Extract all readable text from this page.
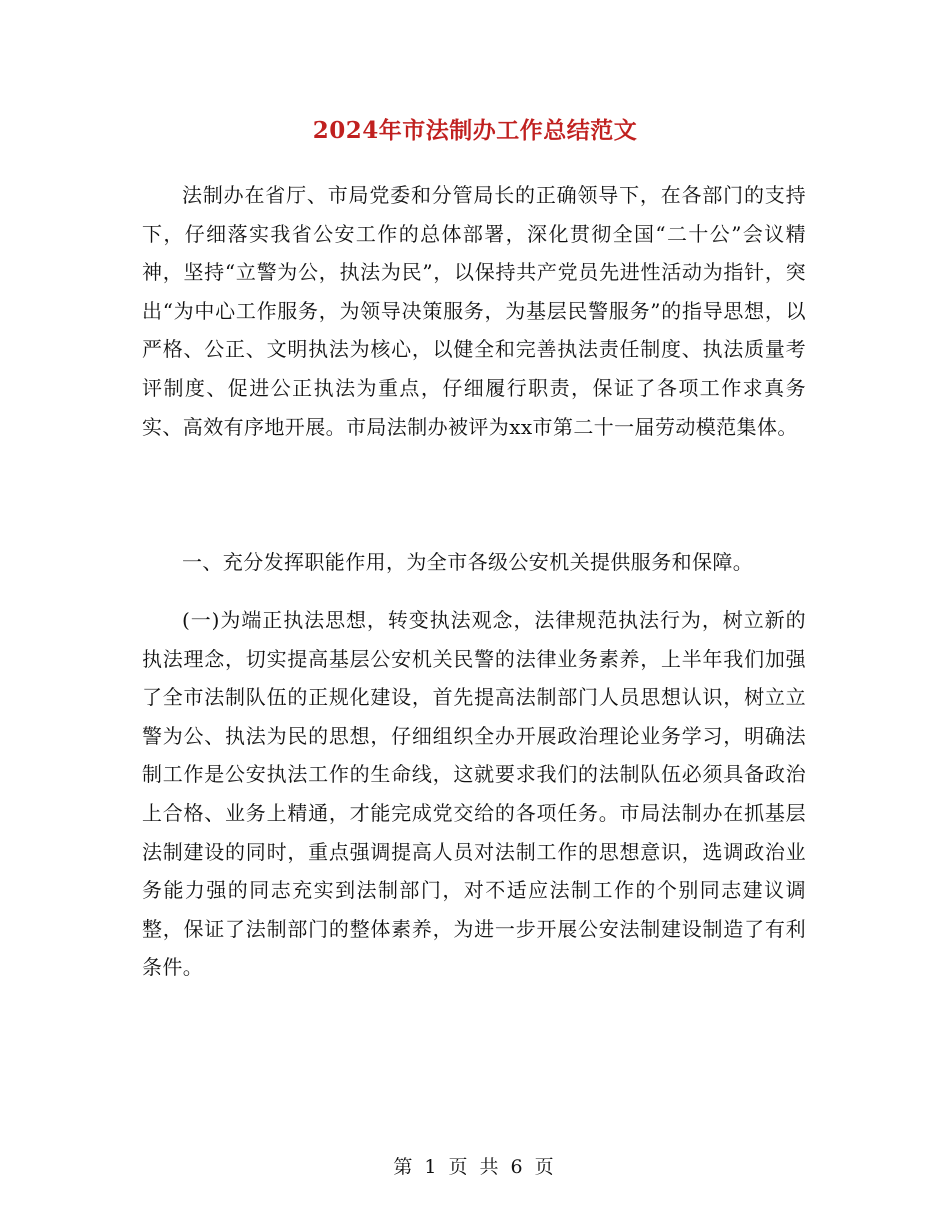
2024年市法制办工作总结范文

法制办在省厅、市局党委和分管局长的正确领导下，在各部门的支持下，仔细落实我省公安工作的总体部署，深化贯彻全国“二十公”会议精神，坚持“立警为公，执法为民”，以保持共产党员先进性活动为指针，突出“为中心工作服务，为领导决策服务，为基层民警服务”的指导思想，以严格、公正、文明执法为核心，以健全和完善执法责任制度、执法质量考评制度、促进公正执法为重点，仔细履行职责，保证了各项工作求真务实、高效有序地开展。市局法制办被评为xx市第二十一届劳动模范集体。

一、充分发挥职能作用，为全市各级公安机关提供服务和保障。

(一)为端正执法思想，转变执法观念，法律规范执法行为，树立新的执法理念，切实提高基层公安机关民警的法律业务素养，上半年我们加强了全市法制队伍的正规化建设，首先提高法制部门人员思想认识，树立立警为公、执法为民的思想，仔细组织全办开展政治理论业务学习，明确法制工作是公安执法工作的生命线，这就要求我们的法制队伍必须具备政治上合格、业务上精通，才能完成党交给的各项任务。市局法制办在抓基层法制建设的同时，重点强调提高人员对法制工作的思想意识，选调政治业务能力强的同志充实到法制部门，对不适应法制工作的个别同志建议调整，保证了法制部门的整体素养，为进一步开展公安法制建设制造了有利条件。

第 1 页 共 6 页
